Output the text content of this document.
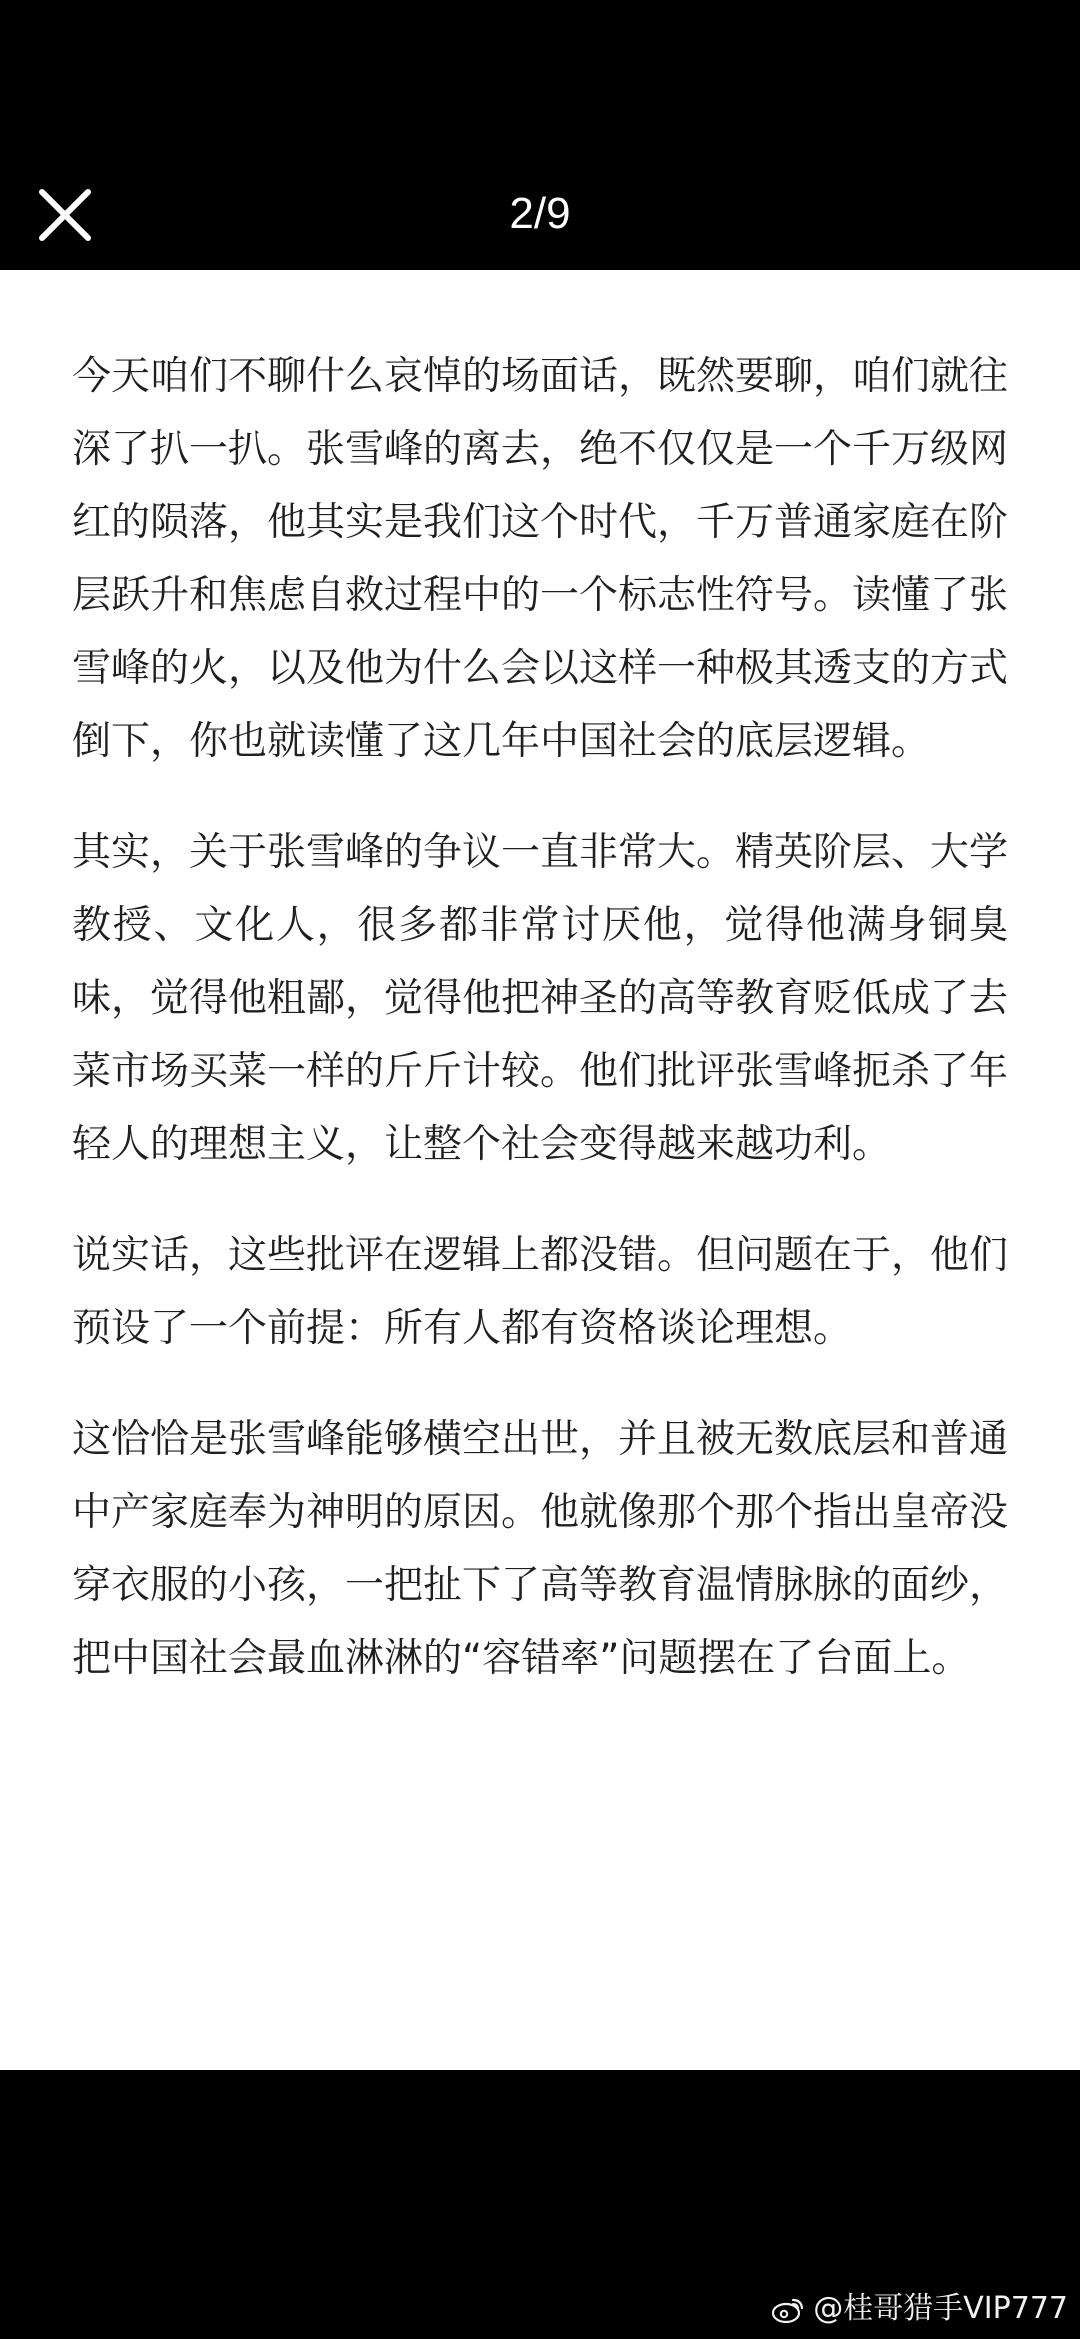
2/9

今天咱们不聊什么哀悼的场面话，既然要聊，咱们就往深了扒一扒。张雪峰的离去，绝不仅仅是一个千万级网红的陨落，他其实是我们这个时代，千万普通家庭在阶层跃升和焦虑自救过程中的一个标志性符号。读懂了张雪峰的火，以及他为什么会以这样一种极其透支的方式倒下，你也就读懂了这几年中国社会的底层逻辑。

其实，关于张雪峰的争议一直非常大。精英阶层、大学教授、文化人，很多都非常讨厌他，觉得他满身铜臭味，觉得他粗鄙，觉得他把神圣的高等教育贬低成了去菜市场买菜一样的斤斤计较。他们批评张雪峰扼杀了年轻人的理想主义，让整个社会变得越来越功利。

说实话，这些批评在逻辑上都没错。但问题在于，他们预设了一个前提：所有人都有资格谈论理想。

这恰恰是张雪峰能够横空出世，并且被无数底层和普通中产家庭奉为神明的原因。他就像那个那个指出皇帝没穿衣服的小孩，一把扯下了高等教育温情脉脉的面纱，把中国社会最血淋淋的“容错率”问题摆在了台面上。

@桂哥猎手VIP777
